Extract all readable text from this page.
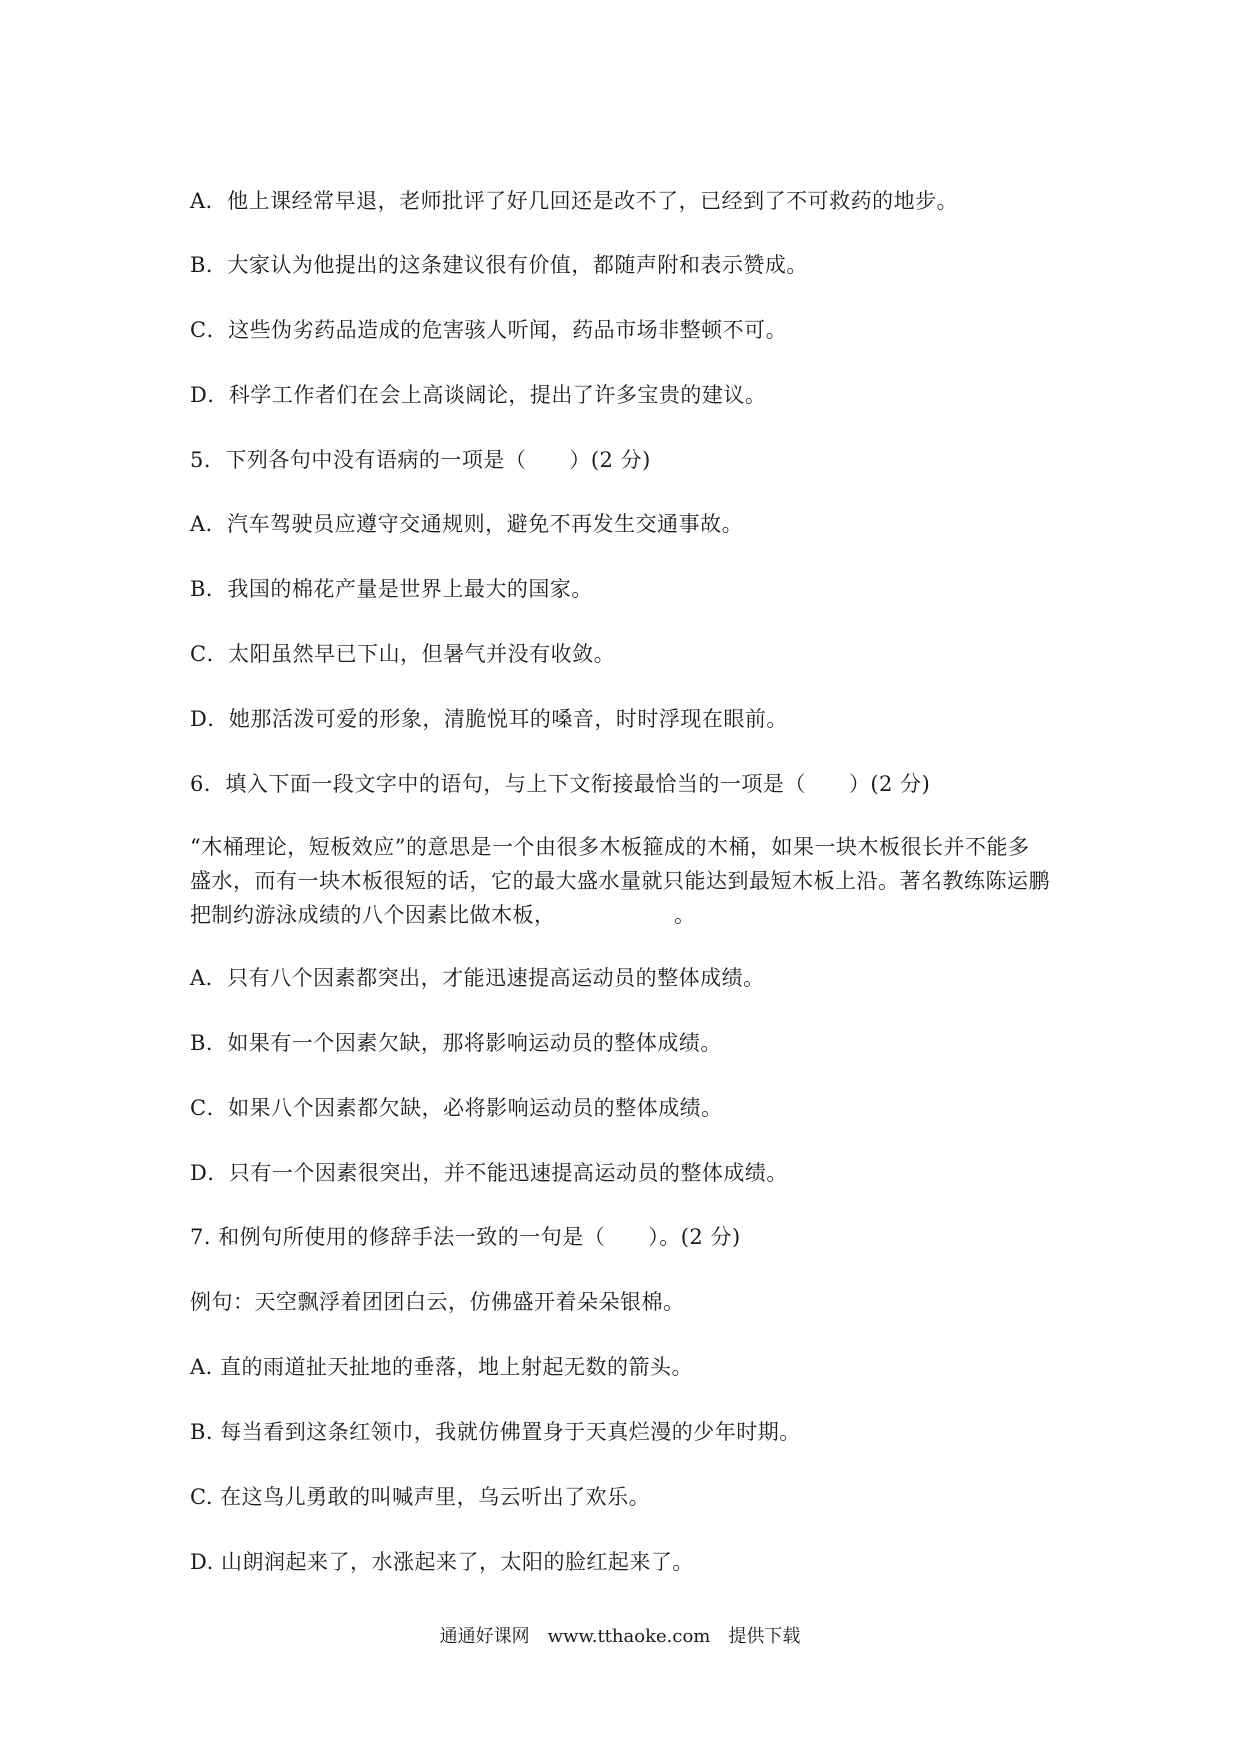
A．他上课经常早退，老师批评了好几回还是改不了，已经到了不可救药的地步。
B．大家认为他提出的这条建议很有价值，都随声附和表示赞成。
C．这些伪劣药品造成的危害骇人听闻，药品市场非整顿不可。
D．科学工作者们在会上高谈阔论，提出了许多宝贵的建议。
5．下列各句中没有语病的一项是（　　）(2 分)
A．汽车驾驶员应遵守交通规则，避免不再发生交通事故。
B．我国的棉花产量是世界上最大的国家。
C．太阳虽然早已下山，但暑气并没有收敛。
D．她那活泼可爱的形象，清脆悦耳的嗓音，时时浮现在眼前。
6．填入下面一段文字中的语句，与上下文衔接最恰当的一项是（　　）(2 分)
“木桶理论，短板效应”的意思是一个由很多木板箍成的木桶，如果一块木板很长并不能多
盛水，而有一块木板很短的话，它的最大盛水量就只能达到最短木板上沿。著名教练陈运鹏
把制约游泳成绩的八个因素比做木板，　　　　　　。
A．只有八个因素都突出，才能迅速提高运动员的整体成绩。
B．如果有一个因素欠缺，那将影响运动员的整体成绩。
C．如果八个因素都欠缺，必将影响运动员的整体成绩。
D．只有一个因素很突出，并不能迅速提高运动员的整体成绩。
7. 和例句所使用的修辞手法一致的一句是（　　）。(2 分)
例句：天空飘浮着团团白云，仿佛盛开着朵朵银棉。
A. 直的雨道扯天扯地的垂落，地上射起无数的箭头。
B. 每当看到这条红领巾，我就仿佛置身于天真烂漫的少年时期。
C. 在这鸟儿勇敢的叫喊声里，乌云听出了欢乐。
D. 山朗润起来了，水涨起来了，太阳的脸红起来了。
通通好课网　www.tthaoke.com　提供下载
